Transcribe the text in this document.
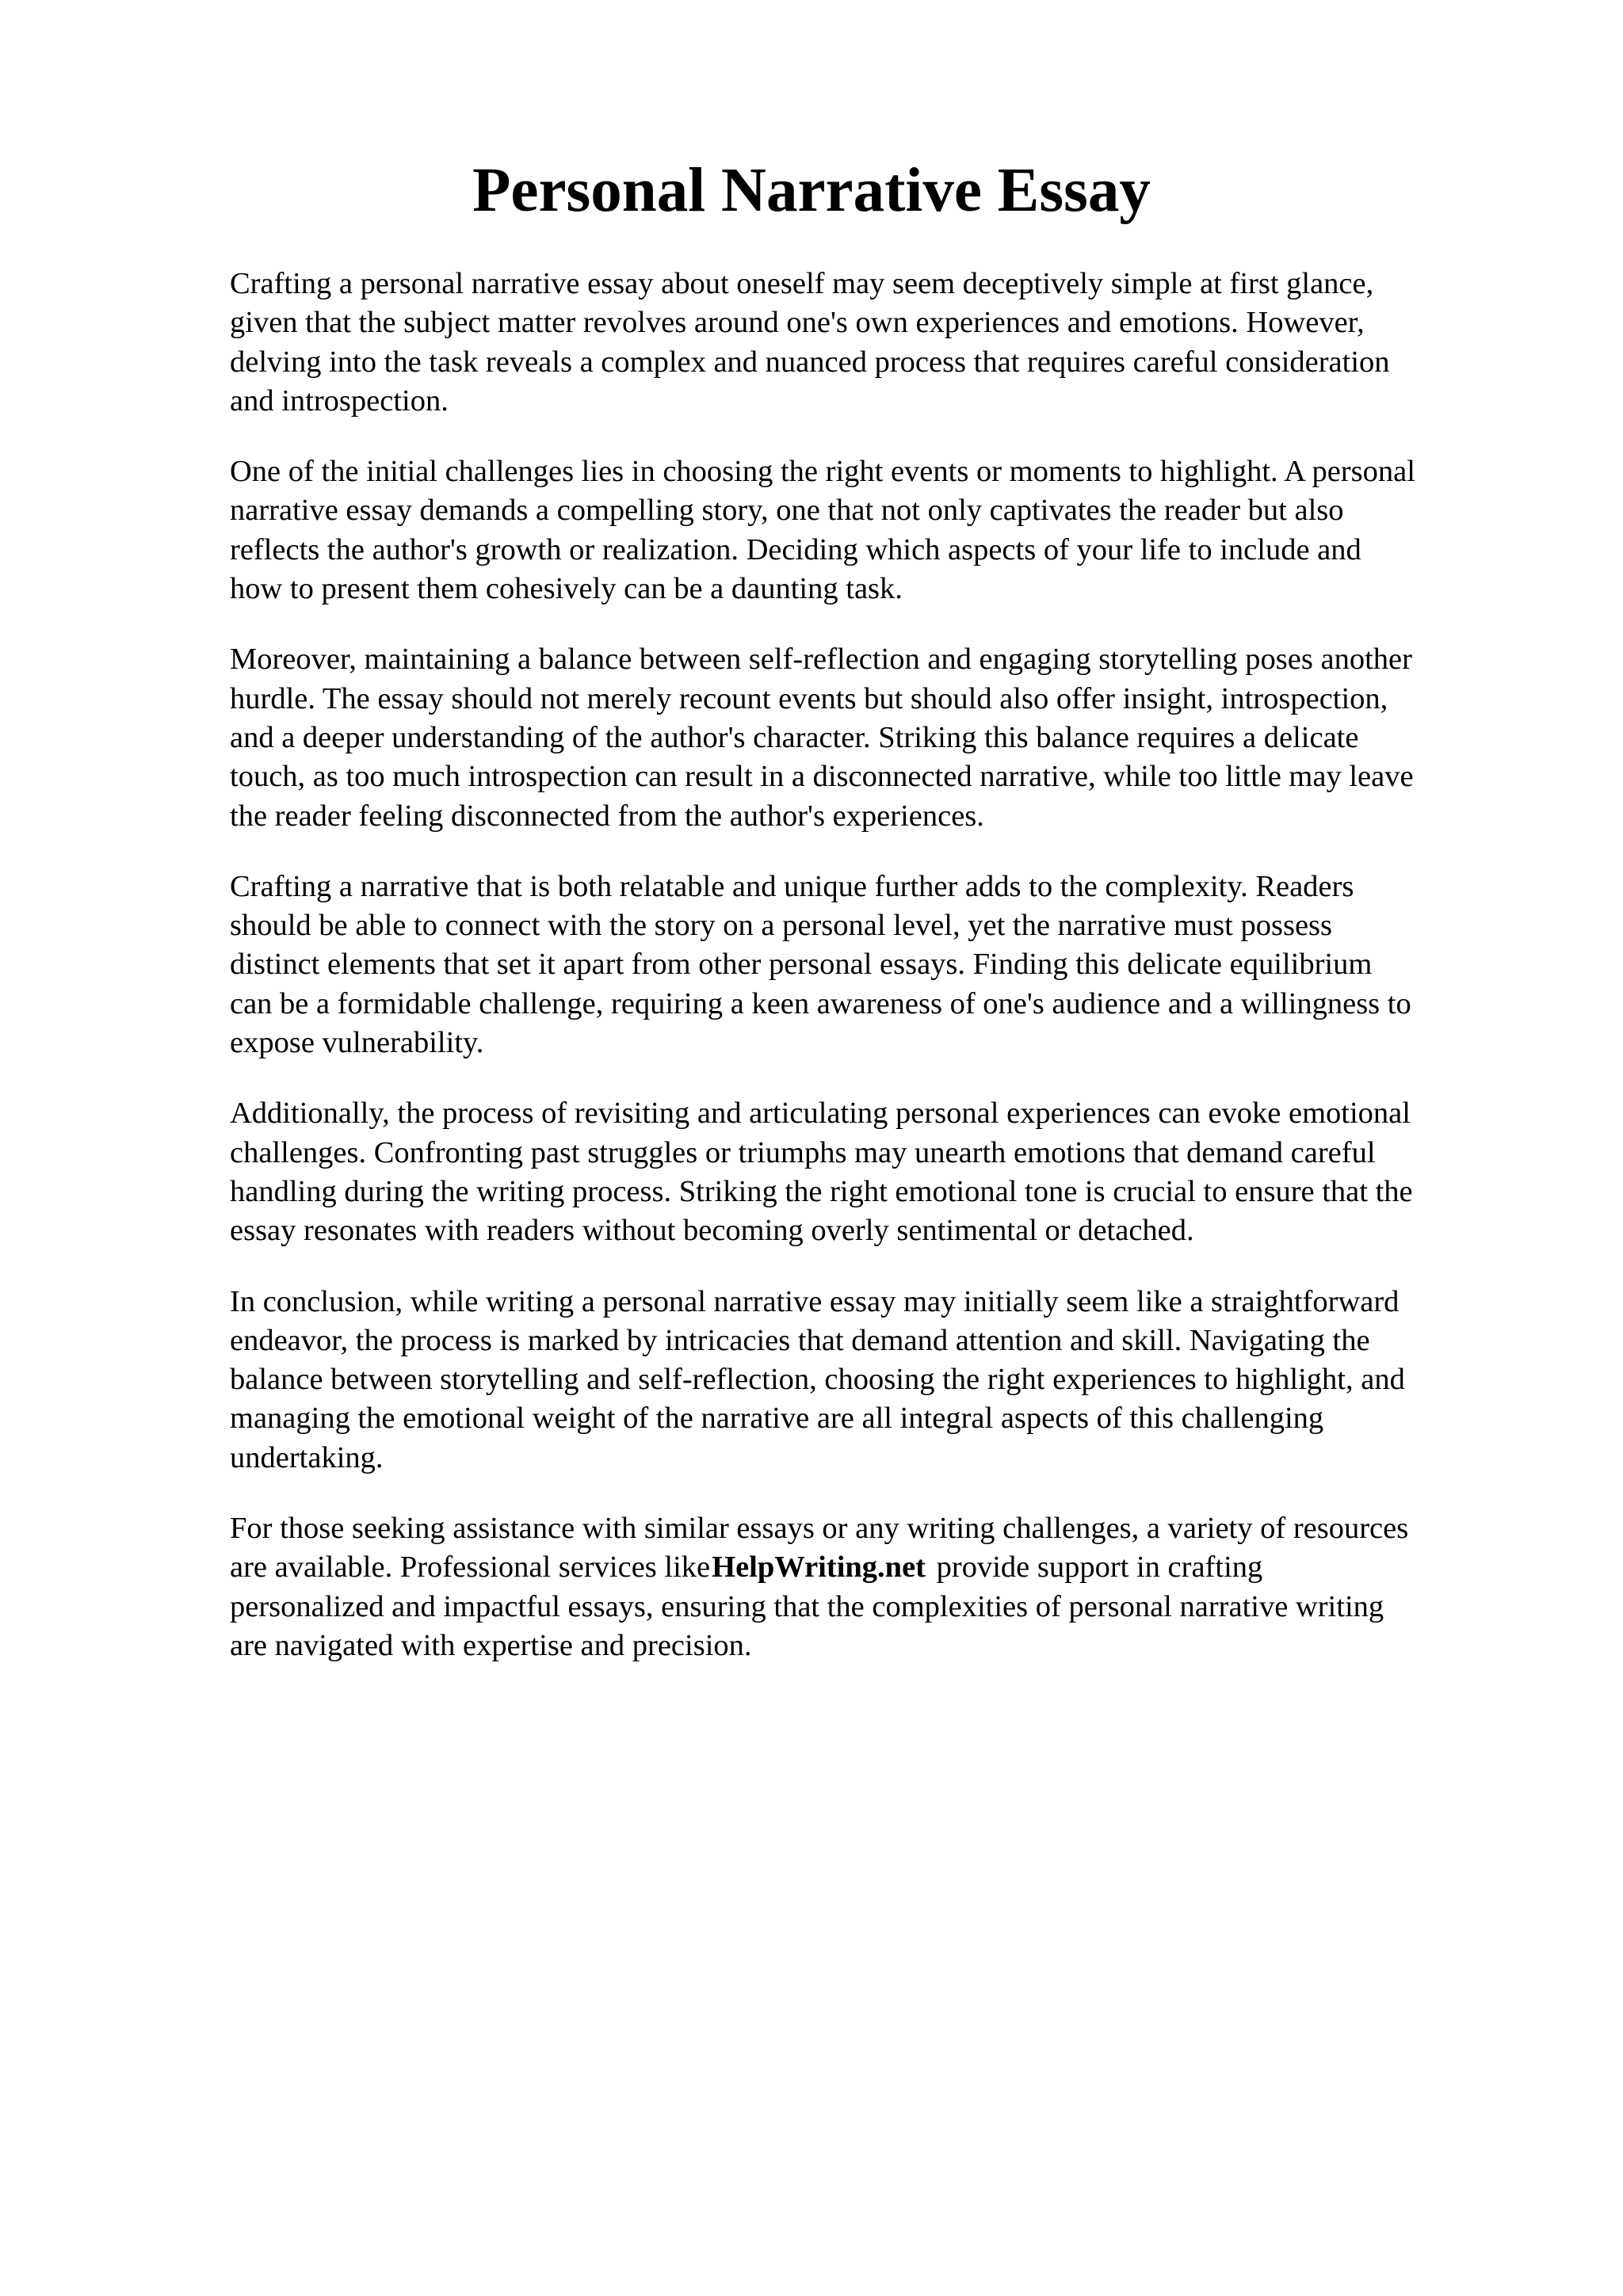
Personal Narrative Essay

Crafting a personal narrative essay about oneself may seem deceptively simple at first glance,
given that the subject matter revolves around one's own experiences and emotions. However,
delving into the task reveals a complex and nuanced process that requires careful consideration
and introspection.

One of the initial challenges lies in choosing the right events or moments to highlight. A personal
narrative essay demands a compelling story, one that not only captivates the reader but also
reflects the author's growth or realization. Deciding which aspects of your life to include and
how to present them cohesively can be a daunting task.

Moreover, maintaining a balance between self-reflection and engaging storytelling poses another
hurdle. The essay should not merely recount events but should also offer insight, introspection,
and a deeper understanding of the author's character. Striking this balance requires a delicate
touch, as too much introspection can result in a disconnected narrative, while too little may leave
the reader feeling disconnected from the author's experiences.

Crafting a narrative that is both relatable and unique further adds to the complexity. Readers
should be able to connect with the story on a personal level, yet the narrative must possess
distinct elements that set it apart from other personal essays. Finding this delicate equilibrium
can be a formidable challenge, requiring a keen awareness of one's audience and a willingness to
expose vulnerability.

Additionally, the process of revisiting and articulating personal experiences can evoke emotional
challenges. Confronting past struggles or triumphs may unearth emotions that demand careful
handling during the writing process. Striking the right emotional tone is crucial to ensure that the
essay resonates with readers without becoming overly sentimental or detached.

In conclusion, while writing a personal narrative essay may initially seem like a straightforward
endeavor, the process is marked by intricacies that demand attention and skill. Navigating the
balance between storytelling and self-reflection, choosing the right experiences to highlight, and
managing the emotional weight of the narrative are all integral aspects of this challenging
undertaking.

For those seeking assistance with similar essays or any writing challenges, a variety of resources
are available. Professional services likeHelpWriting.net provide support in crafting
personalized and impactful essays, ensuring that the complexities of personal narrative writing
are navigated with expertise and precision.
